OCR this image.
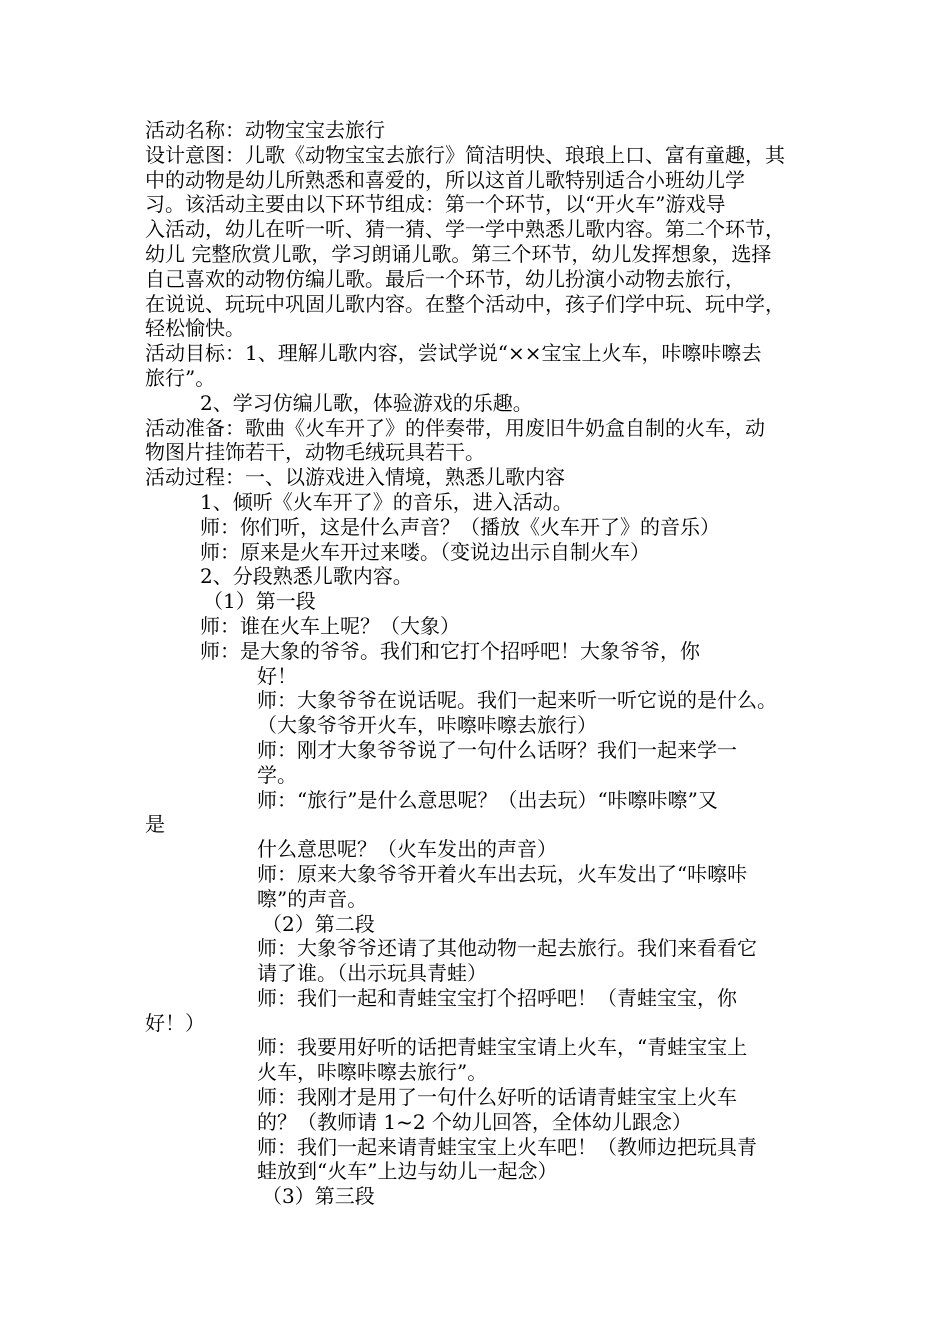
活动名称：动物宝宝去旅行
设计意图：儿歌《动物宝宝去旅行》简洁明快、琅琅上口、富有童趣，其
中的动物是幼儿所熟悉和喜爱的，所以这首儿歌特别适合小班幼儿学
习。该活动主要由以下环节组成：第一个环节，以“开火车”游戏导
入活动，幼儿在听一听、猜一猜、学一学中熟悉儿歌内容。第二个环节，
幼儿 完整欣赏儿歌，学习朗诵儿歌。第三个环节，幼儿发挥想象，选择
自己喜欢的动物仿编儿歌。最后一个环节，幼儿扮演小动物去旅行，
在说说、玩玩中巩固儿歌内容。在整个活动中，孩子们学中玩、玩中学，
轻松愉快。
活动目标：1、理解儿歌内容，尝试学说“××宝宝上火车，咔嚓咔嚓去
旅行”。
2、学习仿编儿歌，体验游戏的乐趣。
活动准备：歌曲《火车开了》的伴奏带，用废旧牛奶盒自制的火车，动
物图片挂饰若干，动物毛绒玩具若干。
活动过程：一、以游戏进入情境，熟悉儿歌内容
1、倾听《火车开了》的音乐，进入活动。
师：你们听，这是什么声音？（播放《火车开了》的音乐）
师：原来是火车开过来喽。（变说边出示自制火车）
2、分段熟悉儿歌内容。
（1）第一段
师：谁在火车上呢？（大象）
师：是大象的爷爷。我们和它打个招呼吧！大象爷爷，你
好！
师：大象爷爷在说话呢。我们一起来听一听它说的是什么。
（大象爷爷开火车，咔嚓咔嚓去旅行）
师：刚才大象爷爷说了一句什么话呀？我们一起来学一
学。
师：“旅行”是什么意思呢？（出去玩）“咔嚓咔嚓”又
是
什么意思呢？（火车发出的声音）
师：原来大象爷爷开着火车出去玩，火车发出了“咔嚓咔
嚓”的声音。
（2）第二段
师：大象爷爷还请了其他动物一起去旅行。我们来看看它
请了谁。（出示玩具青蛙）
师：我们一起和青蛙宝宝打个招呼吧！（青蛙宝宝，你
好！）
师：我要用好听的话把青蛙宝宝请上火车，“青蛙宝宝上
火车，咔嚓咔嚓去旅行”。
师：我刚才是用了一句什么好听的话请青蛙宝宝上火车
的？（教师请 1~2 个幼儿回答，全体幼儿跟念）
师：我们一起来请青蛙宝宝上火车吧！（教师边把玩具青
蛙放到“火车”上边与幼儿一起念）
（3）第三段
